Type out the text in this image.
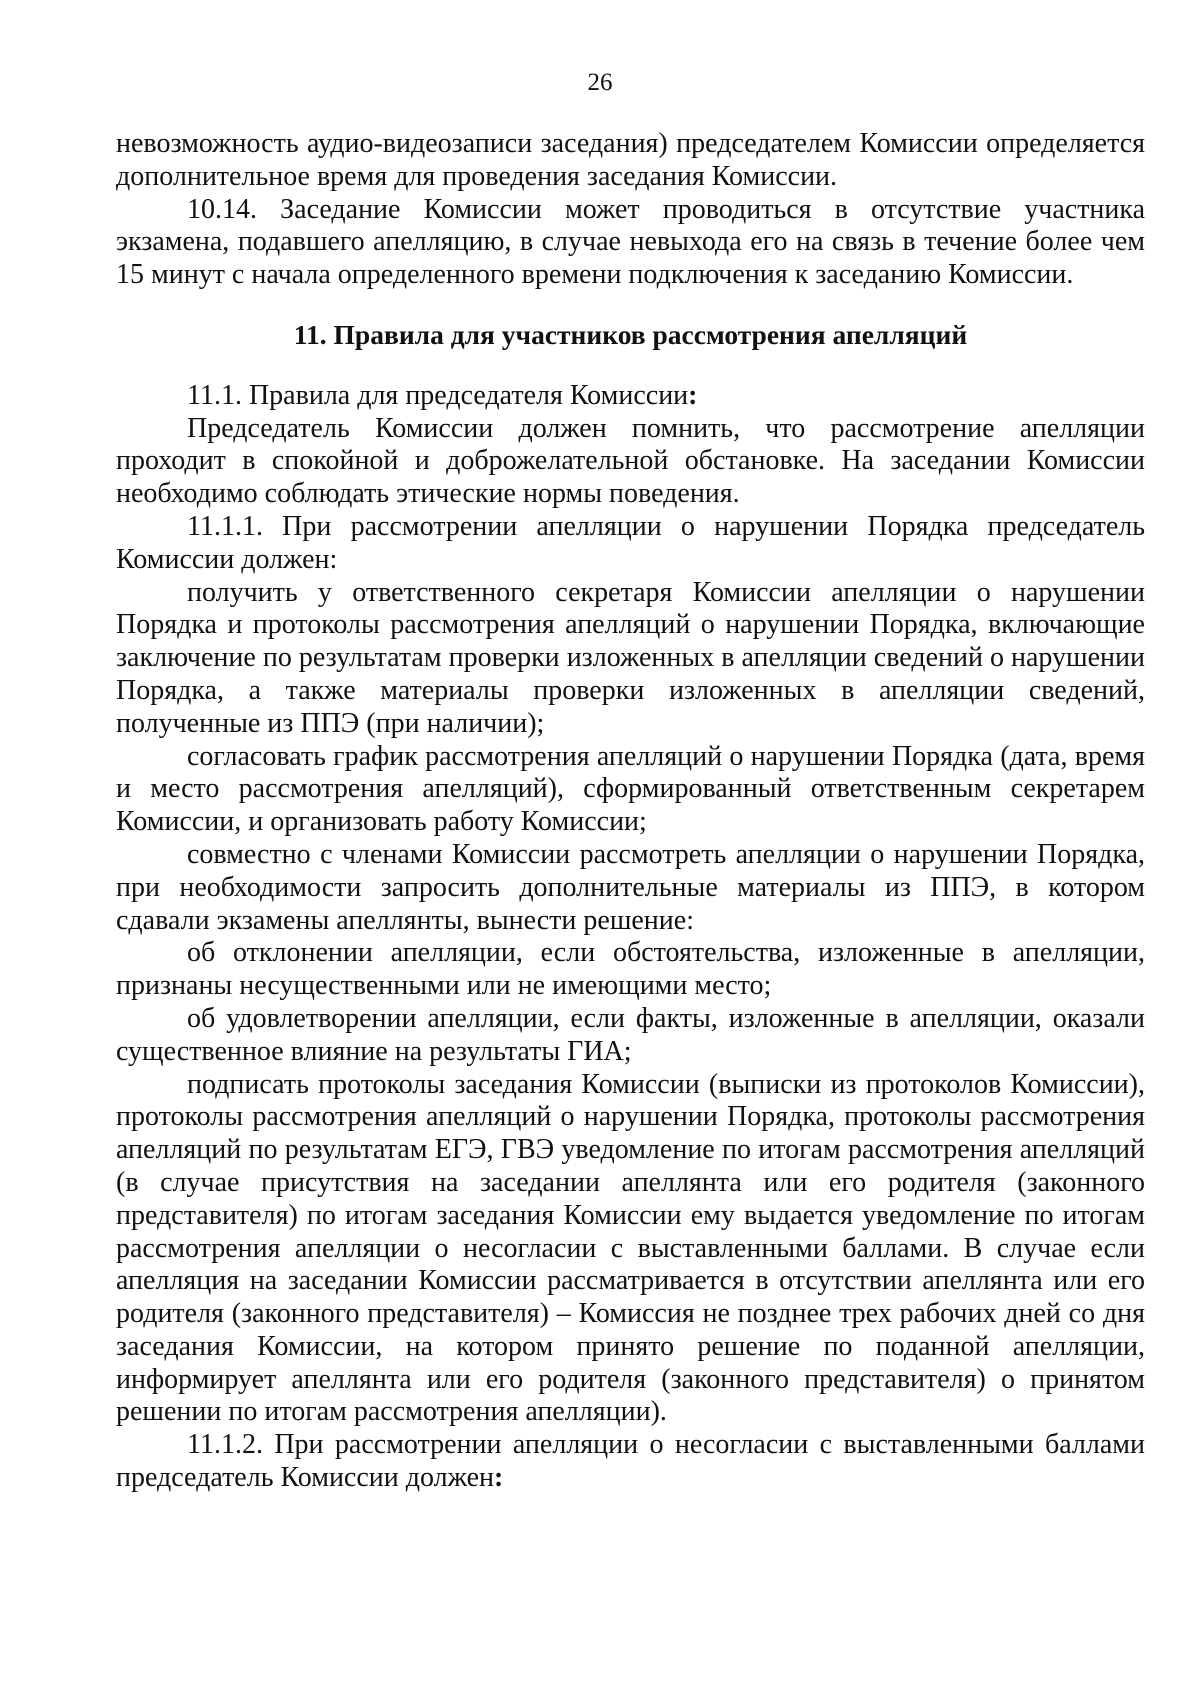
26

невозможность аудио-видеозаписи заседания) председателем Комиссии определяется дополнительное время для проведения заседания Комиссии.

10.14. Заседание Комиссии может проводиться в отсутствие участника экзамена, подавшего апелляцию, в случае невыхода его на связь в течение более чем 15 минут с начала определенного времени подключения к заседанию Комиссии.

11. Правила для участников рассмотрения апелляций

11.1. Правила для председателя Комиссии:

Председатель Комиссии должен помнить, что рассмотрение апелляции проходит в спокойной и доброжелательной обстановке. На заседании Комиссии необходимо соблюдать этические нормы поведения.

11.1.1. При рассмотрении апелляции о нарушении Порядка председатель Комиссии должен:

получить у ответственного секретаря Комиссии апелляции о нарушении Порядка и протоколы рассмотрения апелляций о нарушении Порядка, включающие заключение по результатам проверки изложенных в апелляции сведений о нарушении Порядка, а также материалы проверки изложенных в апелляции сведений, полученные из ППЭ (при наличии);

согласовать график рассмотрения апелляций о нарушении Порядка (дата, время и место рассмотрения апелляций), сформированный ответственным секретарем Комиссии, и организовать работу Комиссии;

совместно с членами Комиссии рассмотреть апелляции о нарушении Порядка, при необходимости запросить дополнительные материалы из ППЭ, в котором сдавали экзамены апеллянты, вынести решение:

об отклонении апелляции, если обстоятельства, изложенные в апелляции, признаны несущественными или не имеющими место;

об удовлетворении апелляции, если факты, изложенные в апелляции, оказали существенное влияние на результаты ГИА;

подписать протоколы заседания Комиссии (выписки из протоколов Комиссии), протоколы рассмотрения апелляций о нарушении Порядка, протоколы рассмотрения апелляций по результатам ЕГЭ, ГВЭ уведомление по итогам рассмотрения апелляций (в случае присутствия на заседании апеллянта или его родителя (законного представителя) по итогам заседания Комиссии ему выдается уведомление по итогам рассмотрения апелляции о несогласии с выставленными баллами. В случае если апелляция на заседании Комиссии рассматривается в отсутствии апеллянта или его родителя (законного представителя) – Комиссия не позднее трех рабочих дней со дня заседания Комиссии, на котором принято решение по поданной апелляции, информирует апеллянта или его родителя (законного представителя) о принятом решении по итогам рассмотрения апелляции).

11.1.2. При рассмотрении апелляции о несогласии с выставленными баллами председатель Комиссии должен:
